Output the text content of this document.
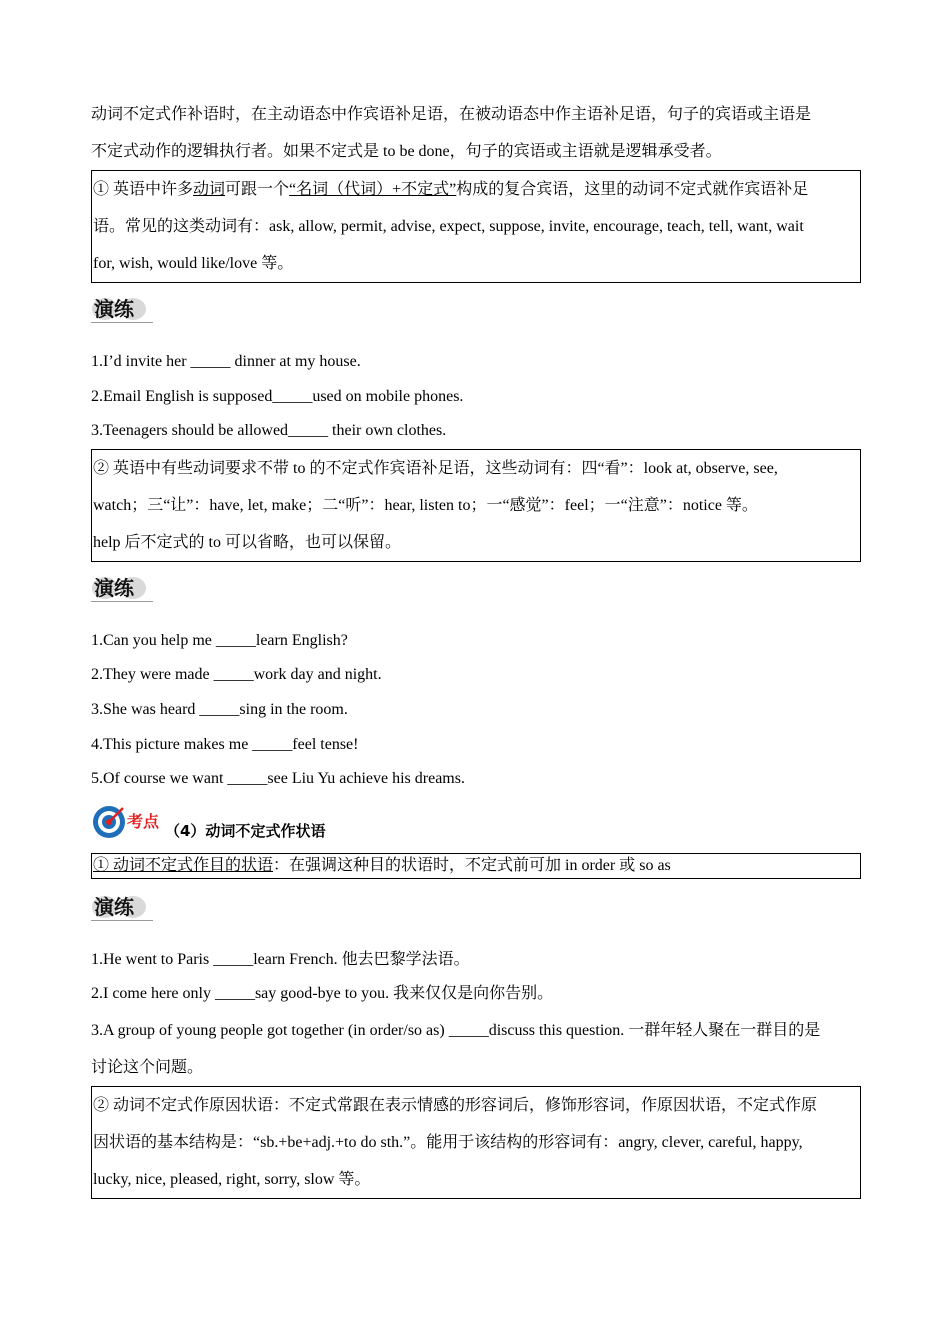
动词不定式作补语时，在主动语态中作宾语补足语，在被动语态中作主语补足语，句子的宾语或主语是

不定式动作的逻辑执行者。如果不定式是 to be done，句子的宾语或主语就是逻辑承受者。

① 英语中许多动词可跟一个“名词（代词）+不定式”构成的复合宾语，这里的动词不定式就作宾语补足

语。常见的这类动词有：ask, allow, permit, advise, expect, suppose, invite, encourage, teach, tell, want, wait

for, wish, would like/love 等。

演练

1.I’d invite her _____ dinner at my house.

2.Email English is supposed_____used on mobile phones.

3.Teenagers should be allowed_____ their own clothes.

② 英语中有些动词要求不带 to 的不定式作宾语补足语，这些动词有：四“看”：look at, observe, see,

watch；三“让”：have, let, make；二“听”：hear, listen to；一“感觉”：feel；一“注意”：notice 等。

help 后不定式的 to 可以省略，也可以保留。

演练

1.Can you help me _____learn English?

2.They were made _____work day and night.

3.She was heard _____sing in the room.

4.This picture makes me _____feel tense!

5.Of course we want _____see Liu Yu achieve his dreams.

考点
（4）动词不定式作状语

① 动词不定式作目的状语：在强调这种目的状语时，不定式前可加 in order 或 so as

演练

1.He went to Paris _____learn French. 他去巴黎学法语。

2.I come here only _____say good-bye to you. 我来仅仅是向你告别。

3.A group of young people got together (in order/so as) _____discuss this question. 一群年轻人聚在一群目的是

讨论这个问题。

② 动词不定式作原因状语：不定式常跟在表示情感的形容词后，修饰形容词，作原因状语，不定式作原

因状语的基本结构是：“sb.+be+adj.+to do sth.”。能用于该结构的形容词有：angry, clever, careful, happy,

lucky, nice, pleased, right, sorry, slow 等。
